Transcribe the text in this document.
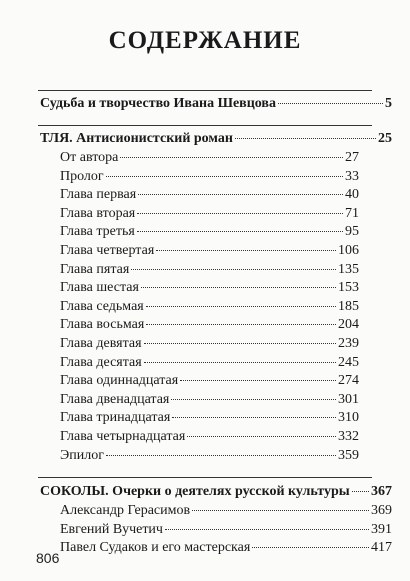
СОДЕРЖАНИЕ
Судьба и творчество Ивана Шевцова	5
ТЛЯ. Антисионистский роман	25
От автора	27
Пролог	33
Глава первая	40
Глава вторая	71
Глава третья	95
Глава четвертая	106
Глава пятая	135
Глава шестая	153
Глава седьмая	185
Глава восьмая	204
Глава девятая	239
Глава десятая	245
Глава одиннадцатая	274
Глава двенадцатая	301
Глава тринадцатая	310
Глава четырнадцатая	332
Эпилог	359
СОКОЛЫ. Очерки о деятелях русской культуры 367
Александр Герасимов	369
Евгений Вучетич	391
Павел Судаков и его мастерская	417
806
